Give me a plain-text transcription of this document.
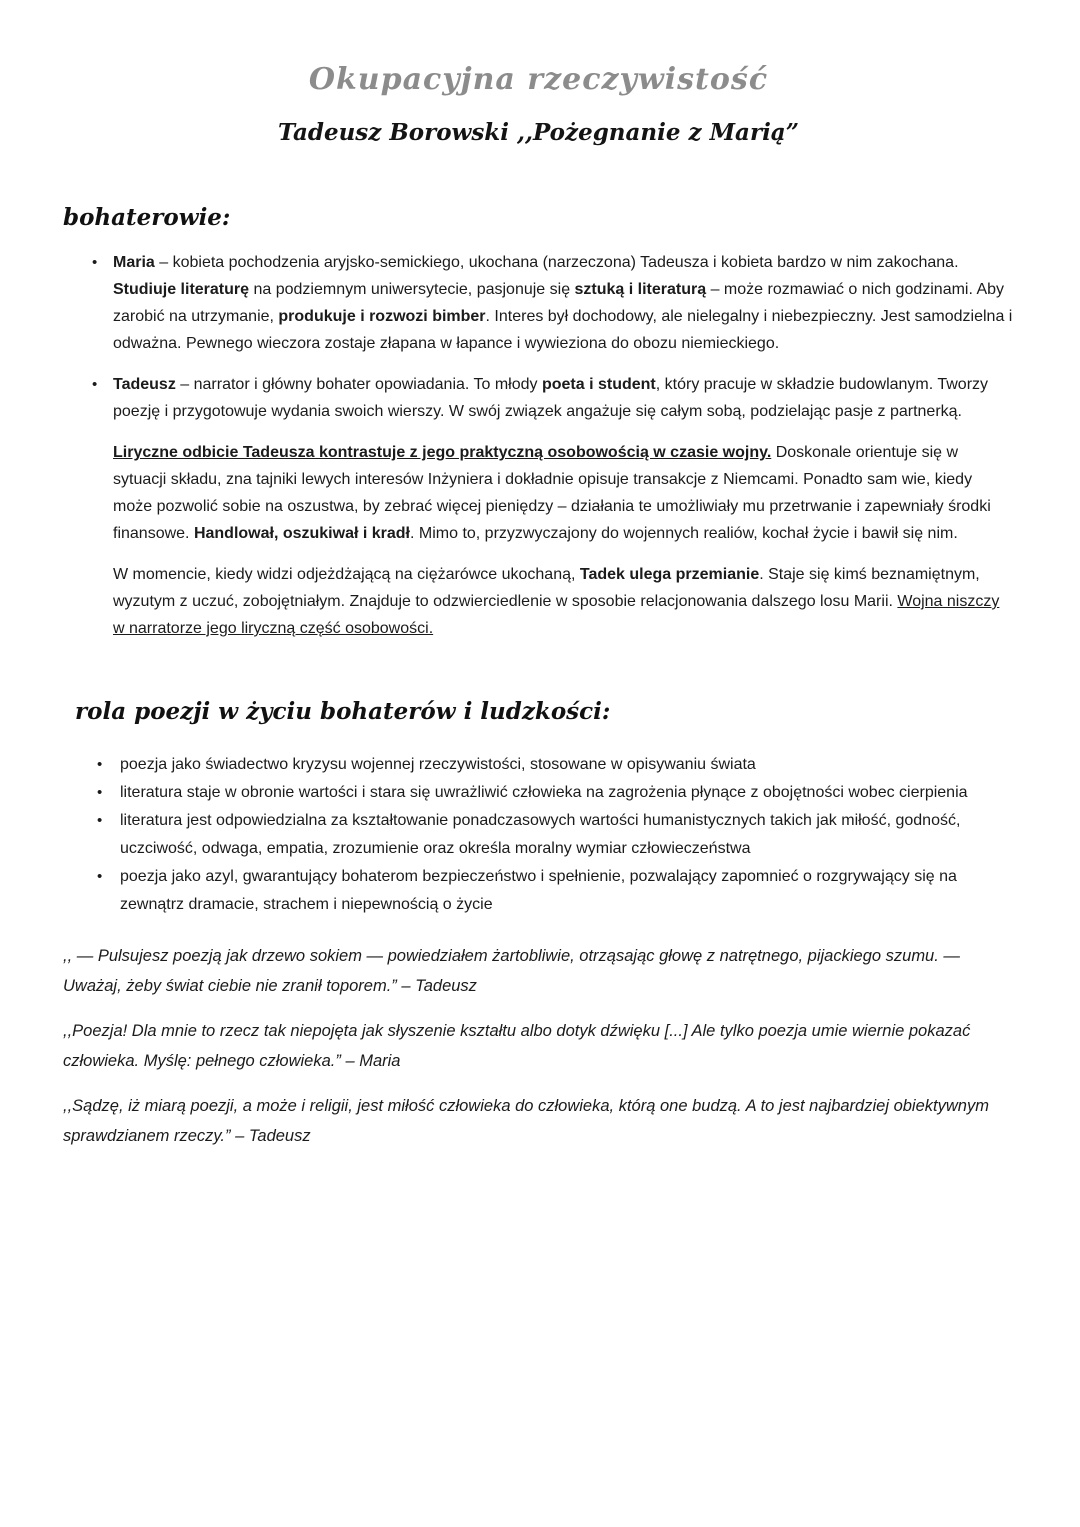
Okupacyjna rzeczywistość
Tadeusz Borowski ,,Pożegnanie z Marią”
bohaterowie:
• Maria – kobieta pochodzenia aryjsko-semickiego, ukochana (narzeczona) Tadeusza i kobieta bardzo w nim zakochana. Studiuje literaturę na podziemnym uniwersytecie, pasjonuje się sztuką i literaturą – może rozmawiać o nich godzinami. Aby zarobić na utrzymanie, produkuje i rozwozi bimber. Interes był dochodowy, ale nielegalny i niebezpieczny. Jest samodzielna i odważna. Pewnego wieczora zostaje złapana w łapance i wywieziona do obozu niemieckiego.

• Tadeusz – narrator i główny bohater opowiadania. To młody poeta i student, który pracuje w składzie budowlanym. Tworzy poezję i przygotowuje wydania swoich wierszy. W swój związek angażuje się całym sobą, podzielając pasje z partnerką.

Liryczne odbicie Tadeusza kontrastuje z jego praktyczną osobowością w czasie wojny. Doskonale orientuje się w sytuacji składu, zna tajniki lewych interesów Inżyniera i dokładnie opisuje transakcje z Niemcami. Ponadto sam wie, kiedy może pozwolić sobie na oszustwa, by zebrać więcej pieniędzy – działania te umożliwiały mu przetrwanie i zapewniały środki finansowe. Handlował, oszukiwał i kradł. Mimo to, przyzwyczajony do wojennych realiów, kochał życie i bawił się nim.

W momencie, kiedy widzi odjeżdżającą na ciężarówce ukochaną, Tadek ulega przemianie. Staje się kimś beznamiętnym, wyzutym z uczuć, zobojętniałym. Znajduje to odzwierciedlenie w sposobie relacjonowania dalszego losu Marii. Wojna niszczy w narratorze jego liryczną część osobowości.

rola poezji w życiu bohaterów i ludzkości:
• poezja jako świadectwo kryzysu wojennej rzeczywistości, stosowane w opisywaniu świata

• literatura staje w obronie wartości i stara się uwrażliwić człowieka na zagrożenia płynące z obojętności wobec cierpienia

• literatura jest odpowiedzialna za kształtowanie ponadczasowych wartości humanistycznych takich jak miłość, godność, uczciwość, odwaga, empatia, zrozumienie oraz określa moralny wymiar człowieczeństwa

• poezja jako azyl, gwarantujący bohaterom bezpieczeństwo i spełnienie, pozwalający zapomnieć o rozgrywający się na zewnątrz dramacie, strachem i niepewnością o życie

,, — Pulsujesz poezją jak drzewo sokiem — powiedziałem żartobliwie, otrząsając głowę z natrętnego, pijackiego szumu. — Uważaj, żeby świat ciebie nie zranił toporem.” – Tadeusz

,,Poezja! Dla mnie to rzecz tak niepojęta jak słyszenie kształtu albo dotyk dźwięku [...] Ale tylko poezja umie wiernie pokazać człowieka. Myślę: pełnego człowieka.” – Maria

,,Sądzę, iż miarą poezji, a może i religii, jest miłość człowieka do człowieka, którą one budzą. A to jest najbardziej obiektywnym sprawdzianem rzeczy.” – Tadeusz
